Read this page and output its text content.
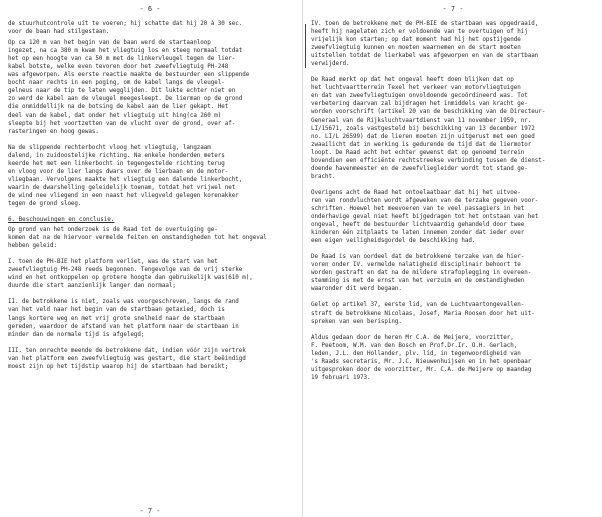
- 6 -

de stuurhutcontrole uit te voeren; hij schatte dat hij 20 à 30 sec.
voor de baan had stilgestaan.

Op ca 120 m van het begin van de baan werd de startaanloop
ingezet, na ca 380 m kwam het vliegtuig los en steeg normaal totdat
het op een hoogte van ca 50 m met de linkervleugel tegen de lier-
kabel botste, welke even tevoren door het zweefvliegtuig PH-248
was afgeworpen. Als eerste reactie maakte de bestuurder een slippende
bocht naar rechts in een poging, om de kabel langs de vleugel-
gelneus naar de tip te laten wegglijden. Dit lukte echter niet en
zo werd de kabel aan de vleugel meegesleept. De lierman op de grond
die onmiddellijk na de botsing de kabel aan de lier gekapt. Het
deel van de kabel, dat onder het vliegtuig uit hing(ca 260 m)
sleepte bij het voortzetten van de vlucht over de grond, over af-
rasteringen en hoog gewas.

Na de slippende rechterbocht vloog het vliegtuig, langzaam
dalend, in zuidoostelijke richting. Na enkele honderden meters
keerde het met een linkerbocht in tegengestelde richting terug
en vloog voor de lier langs dwars over de lierbaan en de motor-
vliegbaan. Vervolgens maakte het vliegtuig een dalende linkerbocht,
waarin de dwarshelling geleidelijk toenam, totdat het vrijwel net
de wind nee vliegend in een naast het vliegveld gelegen korenakker
tegen de grond sloeg.

6. Beschouwingen en conclusie.

Op grond van het onderzoek is de Raad tot de overtuiging ge-
komen dat na de hiervoor vermelde feiten en omstandigheden tot het ongeval
hebben geleid:

I. toen de PH-BIE het platform verliet, was de start van het
zweefvliegtuig PH-248 reeds begonnen. Tengevolge van de vrij sterke
wind en het ontkoppelen op grotere hoogte dan gebruikelijk was(610 m),
duurde die start aanzienlijk langer dan normaal;

II. de betrokkene is niet, zoals was voorgeschreven, langs de rand
van het veld naar het begin van de startbaan getaxied, doch is
langs kortere weg en met vrij grote snelheid naar de startbaan
gereden, waardoor de afstand van het platform naar de startbaan in
minder dan de normale tijd is afgelegd;

III. ten onrechte meende de betrokkene dat, indien vóór zijn vertrek
van het platform een zweefvliegtuig was gestart, die start beëindigd
moest zijn op het tijdstip waarop hij de startbaan had bereikt;

- 7 -
- 7 -

IV. toen de betrokkene met de PH-BIE de startbaan was opgedraaid,
heeft hij nagelaten zich er voldoende van te overtuigen of hij
vrijelijk kon starten; op dat moment had hij het opstijgende
zweefvliegtuig kunnen en moeten waarnemen en de start moeten
uitstellen totdat de lierkabel was afgeworpen en van de startbaan
verwijderd.

De Raad merkt op dat het ongeval heeft doen blijken dat op
het luchtvaartterrein Texel het verkeer van motorvliegtuigen
en dat van zweefvliegtuigen onvoldoende gecoördineerd was. Tot
verbetering daarvan zal bijdragen het inmiddels van kracht ge-
worden voorschrift (artikel 20 van de beschikking van de Directeur-
Generaal van de Rijksluchtvaartdienst van 11 november 1959, nr.
LI/15671, zoals vastgesteld bij beschikking van 13 december 1972
no. LI/L 26599) dat de lieren moeten zijn uitgerust met een goed
zwaailicht dat in werking is gedurende de tijd dat de liermotor
loopt. De Raad acht het echter gewenst dat op genoemd terrein
bovendien een efficiënte rechtstreekse verbinding tussen de dienst-
doende havenmeester en de zweefvliegleider wordt tot stand ge-
bracht.

Overigens acht de Raad het ontoelaatbaar dat hij het uitvoe-
ren van rondvluchten wordt afgeweken van de terzake gegeven voor-
schriften. Hoewel het meevoeren van te veel passagiers in het
onderhavige geval niet heeft bijgedragen tot het ontstaan van het
ongeval, heeft de bestuurder lichtvaardig gehandeld door twee
kinderen één zitplaats te laten innemen zonder dat ieder over
een eigen veiligheidsgordel de beschikking had.

De Raad is van oordeel dat de betrokkene terzake van de hier-
voren onder IV. vermelde nalatigheid disciplinair behoort te
worden gestraft en dat na de mildere strafoplegging in overeen-
stemming is met de ernst van het verzuim en de omstandigheden
waaronder dit werd begaan.

Gelet op artikel 37, eerste lid, van de Luchtvaartongevallen-
straft de betrokkene Nicolaas, Josef, Maria Roosen door het uit-
spreken van een berisping.

Aldus gedaan door de heren Mr C.A. de Meijere, voorzitter,
F. Peetoom, W.M. van den Bosch en Prof.Dr.Ir. O.H. Gerlach,
leden, J.L. den Hollander, plv. lid, in tegenwoordigheid van
's Raads secretaris, Mr. J.C. Nieuwenhuijsen en in het openbaar
uitgesproken door de voorzitter, Mr. C.A. de Meijere op maandag
19 februari 1973.
